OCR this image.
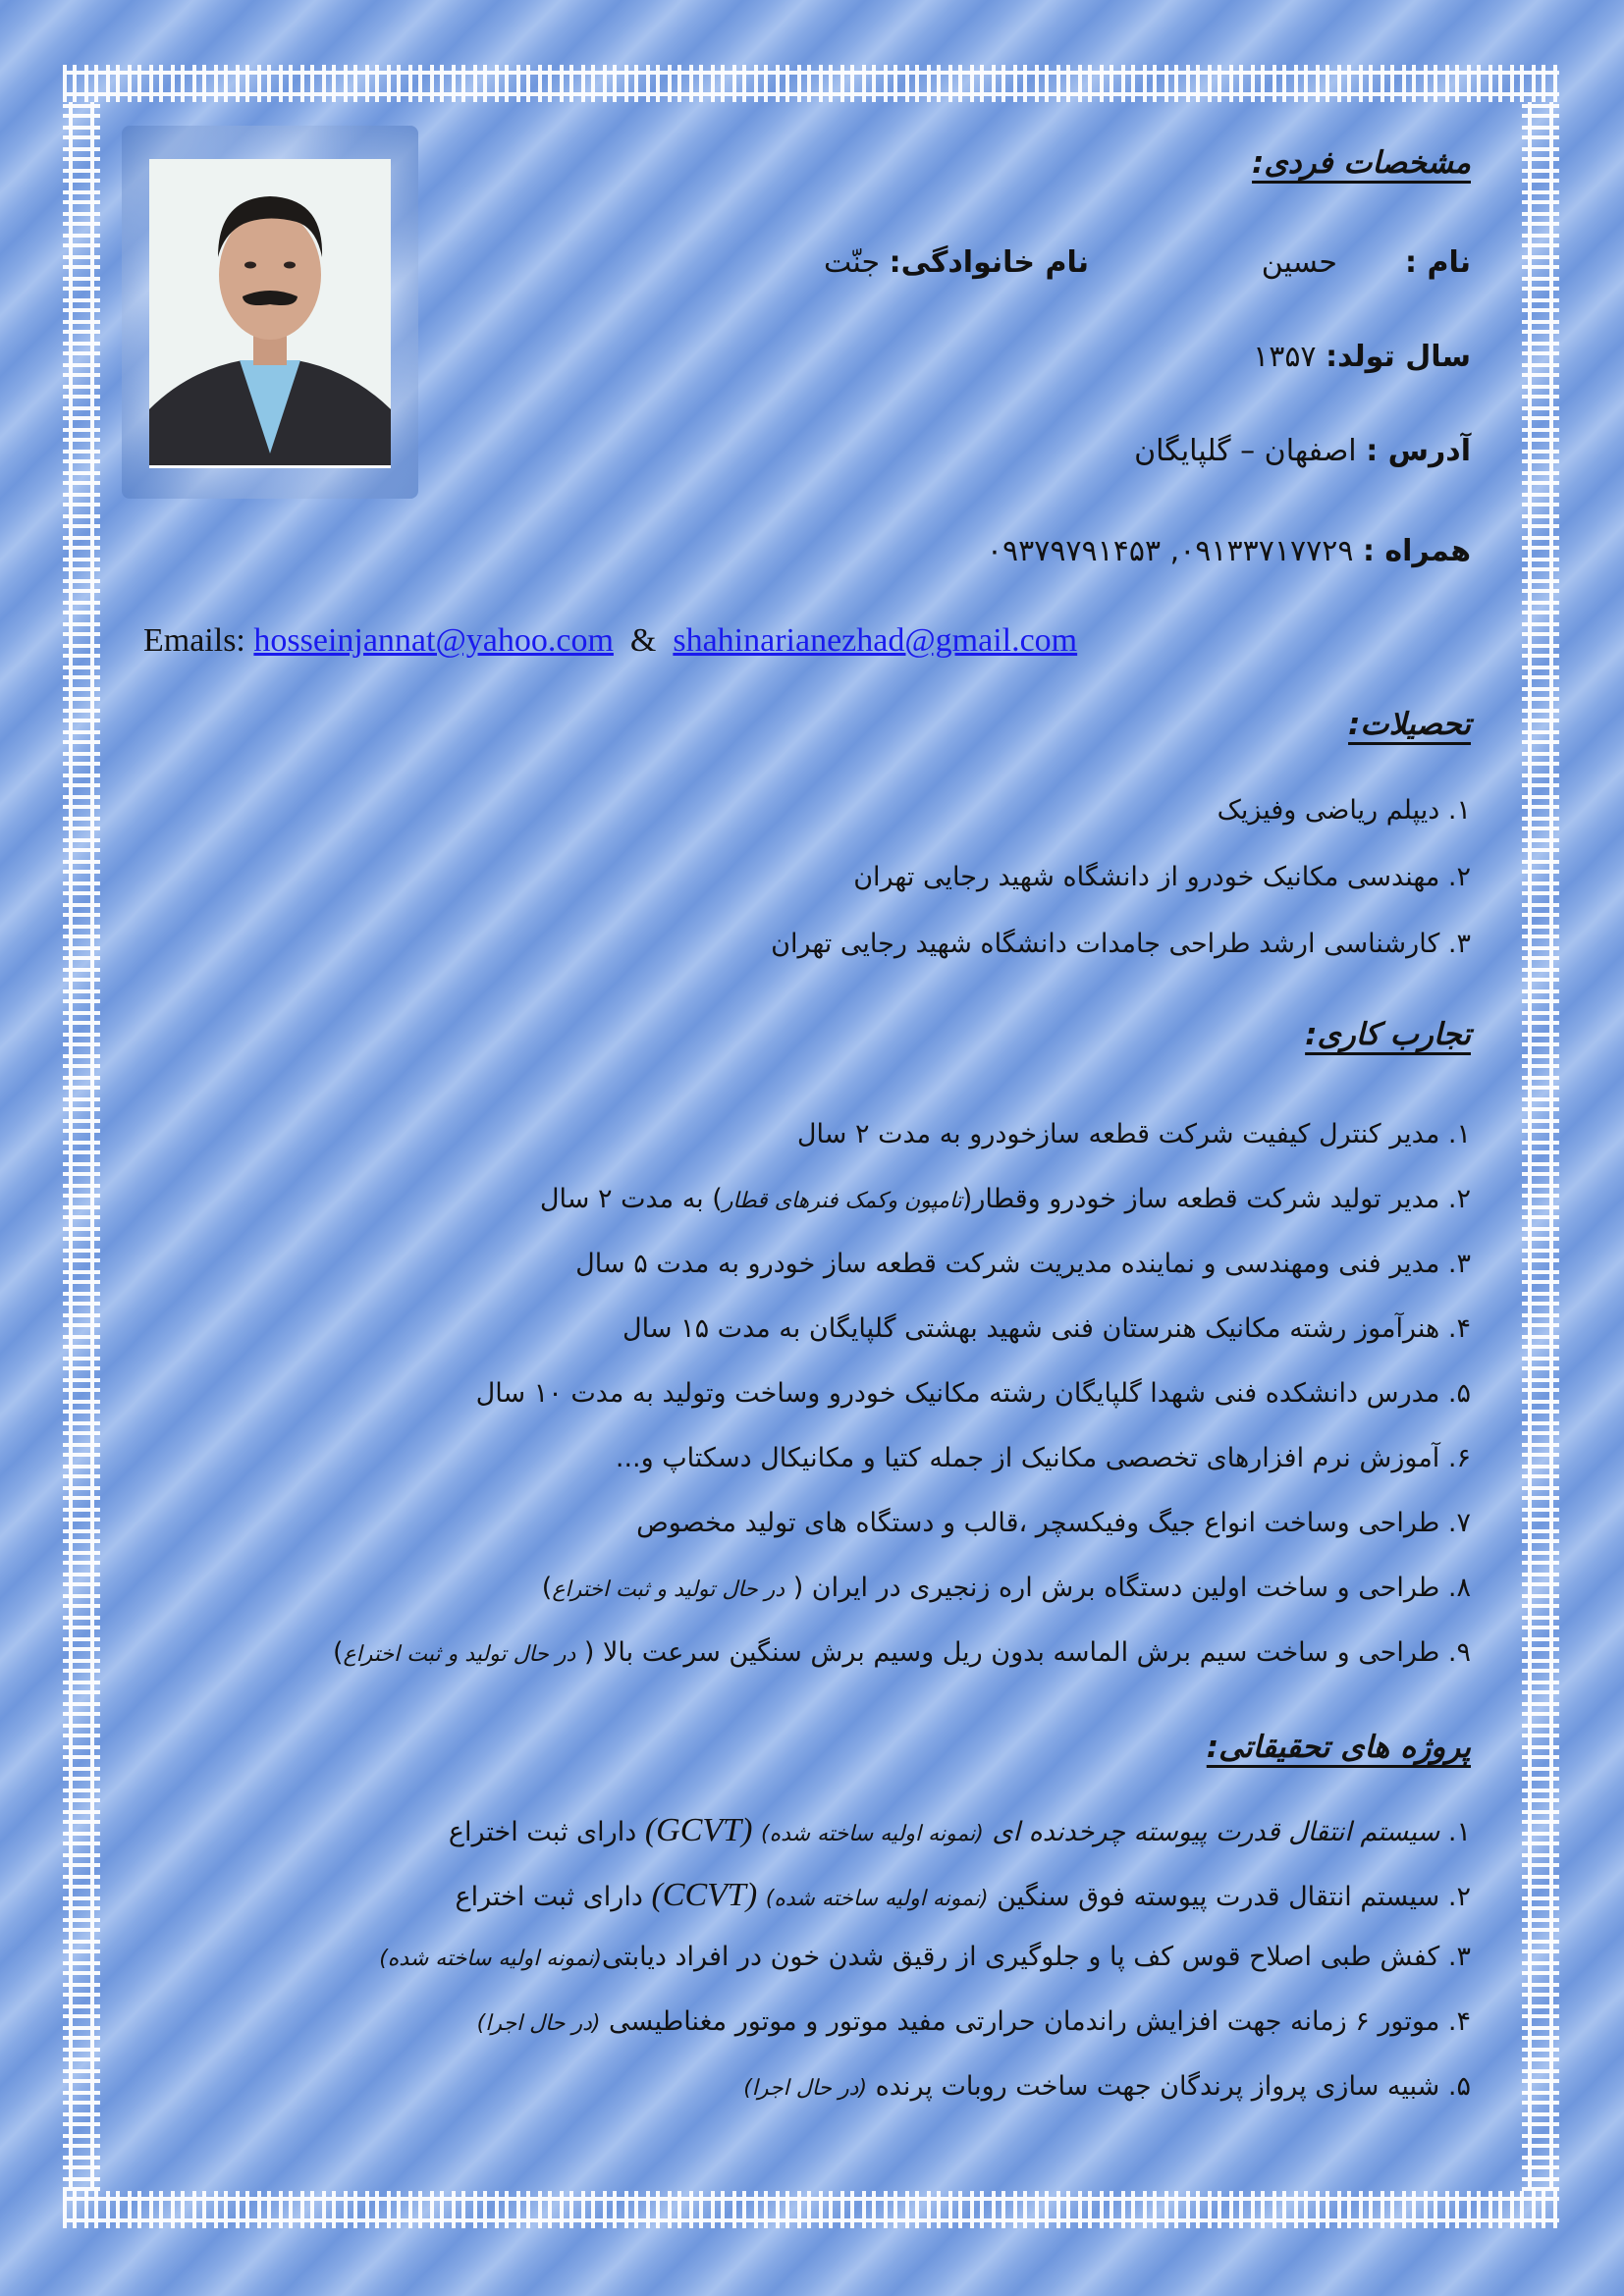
مشخصات فردی:
نام :  حسین
نام خانوادگی: جنّت
سال تولد: ۱۳۵۷
آدرس : اصفهان – گلپایگان
همراه : ۰۹۱۳۳۷۱۷۷۲۹, ۰۹۳۷۹۷۹۱۴۵۳
Emails: hosseinjannat@yahoo.com & shahinarianezhad@gmail.com
تحصیلات:
۱. دیپلم ریاضی وفیزیک
۲. مهندسی مکانیک خودرو از دانشگاه شهید رجایی تهران
۳. کارشناسی ارشد طراحی جامدات دانشگاه شهید رجایی تهران
تجارب کاری:
۱. مدیر کنترل کیفیت شرکت قطعه سازخودرو به مدت ۲ سال
۲. مدیر تولید شرکت قطعه ساز خودرو وقطار(تامپون وکمک فنرهای قطار) به مدت ۲ سال
۳. مدیر فنی ومهندسی و نماینده مدیریت شرکت قطعه ساز خودرو به مدت ۵ سال
۴. هنرآموز رشته مکانیک هنرستان فنی شهید بهشتی گلپایگان به مدت ۱۵ سال
۵. مدرس دانشکده فنی شهدا گلپایگان رشته مکانیک خودرو وساخت وتولید به مدت ۱۰ سال
۶. آموزش نرم افزارهای تخصصی مکانیک از جمله کتیا و مکانیکال دسکتاپ و...
۷. طراحی وساخت انواع جیگ وفیکسچر ،قالب و دستگاه های تولید مخصوص
۸. طراحی و ساخت اولین دستگاه برش اره زنجیری در ایران ( در حال تولید و ثبت اختراع)
۹. طراحی و ساخت سیم برش الماسه بدون ریل وسیم برش سنگین سرعت بالا ( در حال تولید و ثبت اختراع)
پروژه های تحقیقاتی:
۱. سیستم انتقال قدرت پیوسته چرخدنده ای (نمونه اولیه ساخته شده) (GCVT) دارای ثبت اختراع
۲. سیستم انتقال قدرت پیوسته فوق سنگین (نمونه اولیه ساخته شده) (CCVT) دارای ثبت اختراع
۳. کفش طبی اصلاح قوس کف پا و جلوگیری از رقیق شدن خون در افراد دیابتی(نمونه اولیه ساخته شده)
۴. موتور ۶ زمانه جهت افزایش راندمان حرارتی مفید موتور و موتور مغناطیسی (در حال اجرا)
۵. شبیه سازی پرواز پرندگان جهت ساخت روبات پرنده (در حال اجرا)
